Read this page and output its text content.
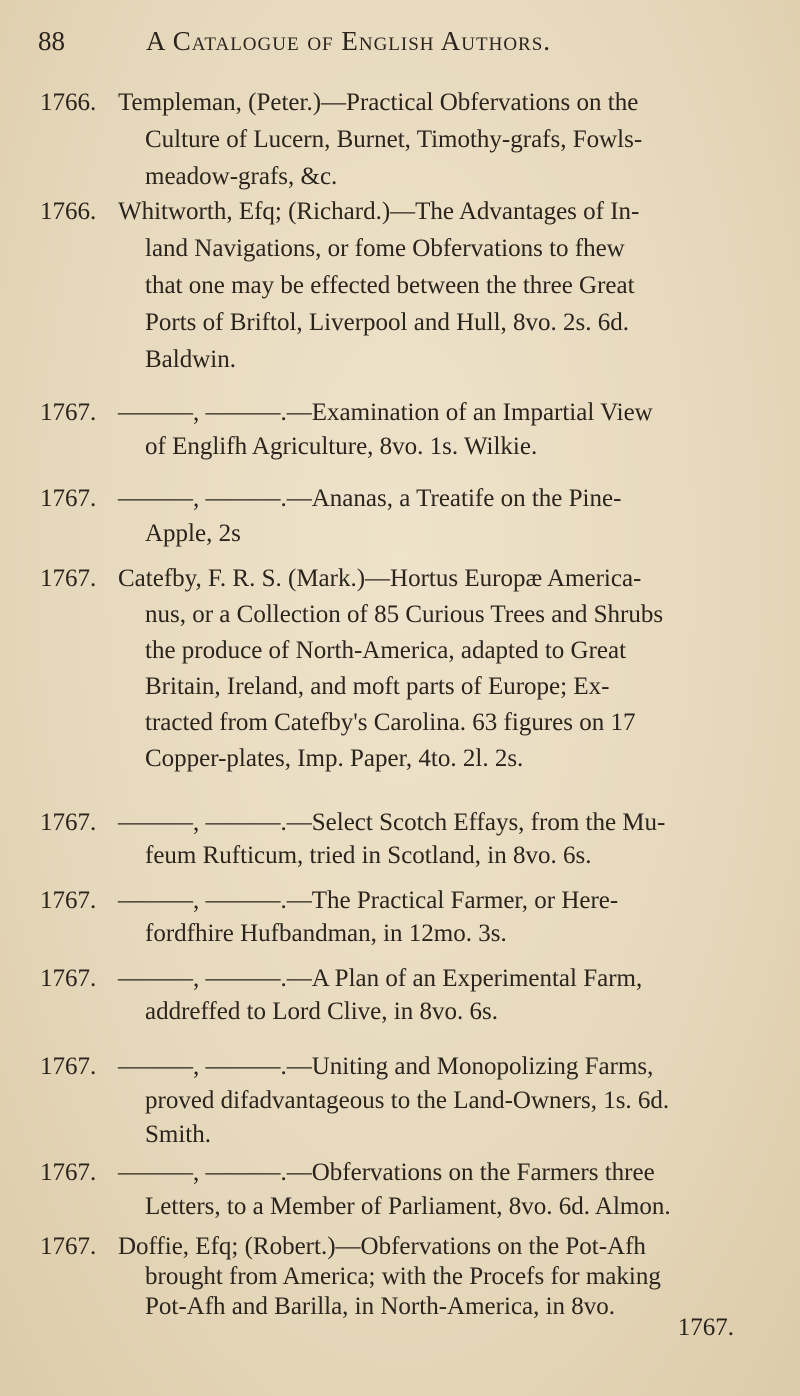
88	A Catalogue of English Authors.
1766. Templeman, (Peter.)—Practical Obfervations on the
Culture of Lucern, Burnet, Timothy-grafs, Fowls-
meadow-grafs, &c.
1766. Whitworth, Efq; (Richard.)—The Advantages of In-
land Navigations, or fome Obfervations to fhew
that one may be effected between the three Great
Ports of Briftol, Liverpool and Hull, 8vo. 2s. 6d.
Baldwin.
1767. ———, ———.—Examination of an Impartial View
of Englifh Agriculture, 8vo. 1s. Wilkie.
1767. ———, ———.—Ananas, a Treatife on the Pine-
Apple, 2s
1767. Catefby, F. R. S. (Mark.)—Hortus Europæ America-
nus, or a Collection of 85 Curious Trees and Shrubs
the produce of North-America, adapted to Great
Britain, Ireland, and moft parts of Europe; Ex-
tracted from Catefby's Carolina. 63 figures on 17
Copper-plates, Imp. Paper, 4to. 2l. 2s.
1767. ———, ———.—Select Scotch Effays, from the Mu-
feum Rufticum, tried in Scotland, in 8vo. 6s.
1767. ———, ———.—The Practical Farmer, or Here-
fordfhire Hufbandman, in 12mo. 3s.
1767. ———, ———.—A Plan of an Experimental Farm,
addreffed to Lord Clive, in 8vo. 6s.
1767. ———, ———.—Uniting and Monopolizing Farms,
proved difadvantageous to the Land-Owners, 1s. 6d.
Smith.
1767. ———, ———.—Obfervations on the Farmers three
Letters, to a Member of Parliament, 8vo. 6d. Almon.
1767. Doffie, Efq; (Robert.)—Obfervations on the Pot-Afh
brought from America; with the Procefs for making
Pot-Afh and Barilla, in North-America, in 8vo.
1767.
